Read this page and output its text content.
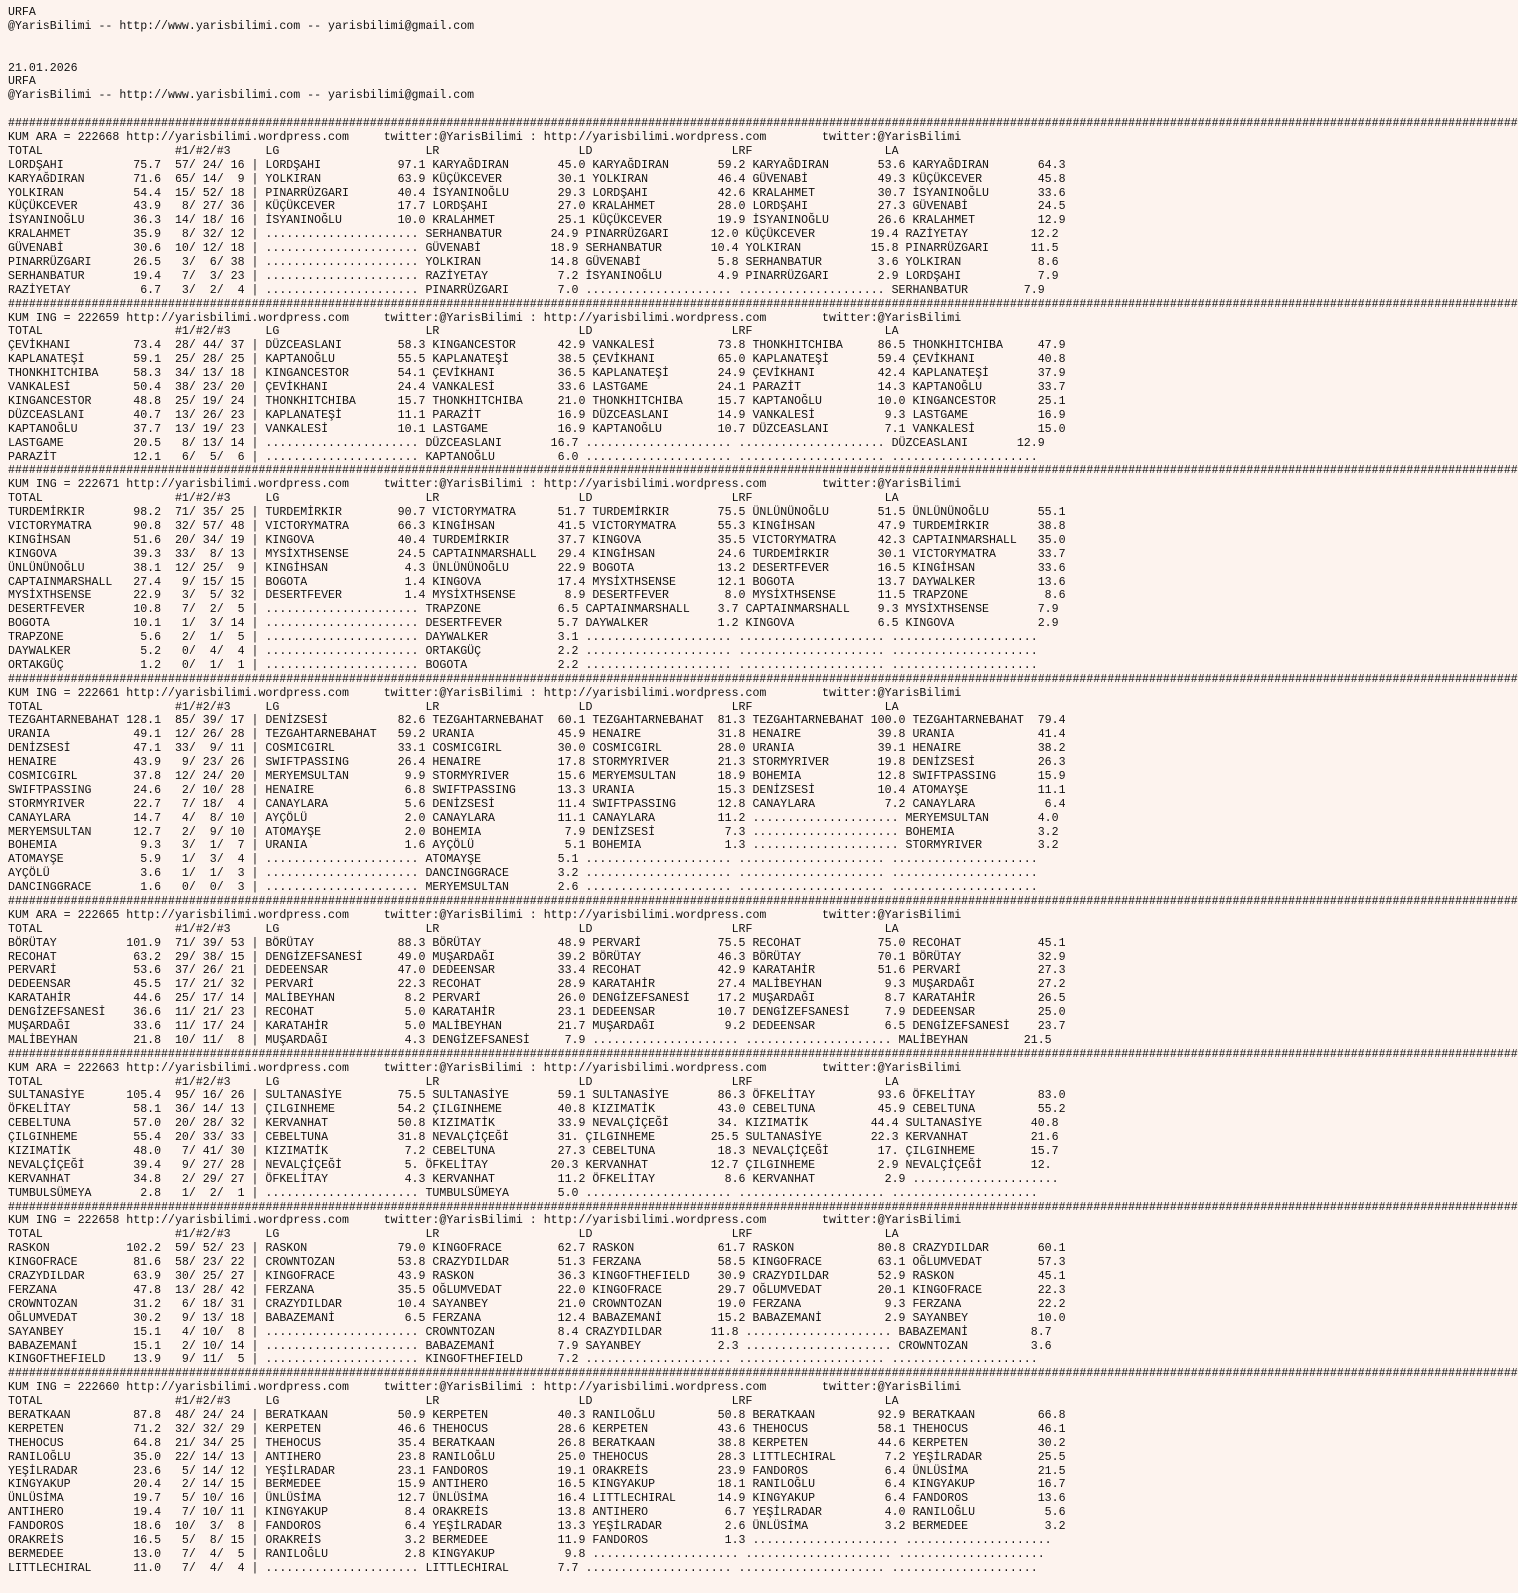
URFA
@YarisBilimi -- http://www.yarisbilimi.com -- yarisbilimi@gmail.com
21.01.2026
URFA
@YarisBilimi -- http://www.yarisbilimi.com -- yarisbilimi@gmail.com
#########################################################################################################################################################################################################################
KUM ARA = 222668 http://yarisbilimi.wordpress.com     twitter:@YarisBilimi : http://yarisbilimi.wordpress.com        twitter:@YarisBilimi
TOTAL                   #1/#2/#3     LG                     LR                    LD                    LRF                   LA
LORDŞAHI          75.7  57/ 24/ 16 | LORDŞAHI           97.1 KARYAĞDIRAN       45.0 KARYAĞDIRAN       59.2 KARYAĞDIRAN       53.6 KARYAĞDIRAN       64.3
KARYAĞDIRAN       71.6  65/ 14/  9 | YOLKIRAN           63.9 KÜÇÜKCEVER        30.1 YOLKIRAN          46.4 GÜVENABİ          49.3 KÜÇÜKCEVER        45.8
YOLKIRAN          54.4  15/ 52/ 18 | PINARRÜZGARI       40.4 İSYANINOĞLU       29.3 LORDŞAHI          42.6 KRALAHMET         30.7 İSYANINOĞLU       33.6
KÜÇÜKCEVER        43.9   8/ 27/ 36 | KÜÇÜKCEVER         17.7 LORDŞAHI          27.0 KRALAHMET         28.0 LORDŞAHI          27.3 GÜVENABİ          24.5
İSYANINOĞLU       36.3  14/ 18/ 16 | İSYANINOĞLU        10.0 KRALAHMET         25.1 KÜÇÜKCEVER        19.9 İSYANINOĞLU       26.6 KRALAHMET         12.9
KRALAHMET         35.9   8/ 32/ 12 | ...................... SERHANBATUR       24.9 PINARRÜZGARI      12.0 KÜÇÜKCEVER        19.4 RAZİYETAY         12.2
GÜVENABİ          30.6  10/ 12/ 18 | ...................... GÜVENABİ          18.9 SERHANBATUR       10.4 YOLKIRAN          15.8 PINARRÜZGARI      11.5
PINARRÜZGARI      26.5   3/  6/ 38 | ...................... YOLKIRAN          14.8 GÜVENABİ           5.8 SERHANBATUR        3.6 YOLKIRAN           8.6
SERHANBATUR       19.4   7/  3/ 23 | ...................... RAZİYETAY          7.2 İSYANINOĞLU        4.9 PINARRÜZGARI       2.9 LORDŞAHI           7.9
RAZİYETAY          6.7   3/  2/  4 | ...................... PINARRÜZGARI       7.0 ..................... ..................... SERHANBATUR        7.9
#########################################################################################################################################################################################################################
KUM ING = 222659 http://yarisbilimi.wordpress.com     twitter:@YarisBilimi : http://yarisbilimi.wordpress.com        twitter:@YarisBilimi
TOTAL                   #1/#2/#3     LG                     LR                    LD                    LRF                   LA
ÇEVİKHANI         73.4  28/ 44/ 37 | DÜZCEASLANI        58.3 KINGANCESTOR      42.9 VANKALESİ         73.8 THONKHITCHIBA     86.5 THONKHITCHIBA     47.9
KAPLANATEŞİ       59.1  25/ 28/ 25 | KAPTANOĞLU         55.5 KAPLANATEŞİ       38.5 ÇEVİKHANI         65.0 KAPLANATEŞİ       59.4 ÇEVİKHANI         40.8
THONKHITCHIBA     58.3  34/ 13/ 18 | KINGANCESTOR       54.1 ÇEVİKHANI         36.5 KAPLANATEŞİ       24.9 ÇEVİKHANI         42.4 KAPLANATEŞİ       37.9
VANKALESİ         50.4  38/ 23/ 20 | ÇEVİKHANI          24.4 VANKALESİ         33.6 LASTGAME          24.1 PARAZİT           14.3 KAPTANOĞLU        33.7
KINGANCESTOR      48.8  25/ 19/ 24 | THONKHITCHIBA      15.7 THONKHITCHIBA     21.0 THONKHITCHIBA     15.7 KAPTANOĞLU        10.0 KINGANCESTOR      25.1
DÜZCEASLANI       40.7  13/ 26/ 23 | KAPLANATEŞİ        11.1 PARAZİT           16.9 DÜZCEASLANI       14.9 VANKALESİ          9.3 LASTGAME          16.9
KAPTANOĞLU        37.7  13/ 19/ 23 | VANKALESİ          10.1 LASTGAME          16.9 KAPTANOĞLU        10.7 DÜZCEASLANI        7.1 VANKALESİ         15.0
LASTGAME          20.5   8/ 13/ 14 | ...................... DÜZCEASLANI       16.7 ..................... ..................... DÜZCEASLANI       12.9
PARAZİT           12.1   6/  5/  6 | ...................... KAPTANOĞLU         6.0 ..................... ..................... .....................
#########################################################################################################################################################################################################################
KUM ING = 222671 http://yarisbilimi.wordpress.com     twitter:@YarisBilimi : http://yarisbilimi.wordpress.com        twitter:@YarisBilimi
TOTAL                   #1/#2/#3     LG                     LR                    LD                    LRF                   LA
TURDEMİRKIR       98.2  71/ 35/ 25 | TURDEMİRKIR        90.7 VICTORYMATRA      51.7 TURDEMİRKIR       75.5 ÜNLÜNÜNOĞLU       51.5 ÜNLÜNÜNOĞLU       55.1
VICTORYMATRA      90.8  32/ 57/ 48 | VICTORYMATRA       66.3 KINGİHSAN         41.5 VICTORYMATRA      55.3 KINGİHSAN         47.9 TURDEMİRKIR       38.8
KINGİHSAN         51.6  20/ 34/ 19 | KINGOVA            40.4 TURDEMİRKIR       37.7 KINGOVA           35.5 VICTORYMATRA      42.3 CAPTAINMARSHALL   35.0
KINGOVA           39.3  33/  8/ 13 | MYSİXTHSENSE       24.5 CAPTAINMARSHALL   29.4 KINGİHSAN         24.6 TURDEMİRKIR       30.1 VICTORYMATRA      33.7
ÜNLÜNÜNOĞLU       38.1  12/ 25/  9 | KINGİHSAN           4.3 ÜNLÜNÜNOĞLU       22.9 BOGOTA            13.2 DESERTFEVER       16.5 KINGİHSAN         33.6
CAPTAINMARSHALL   27.4   9/ 15/ 15 | BOGOTA              1.4 KINGOVA           17.4 MYSİXTHSENSE      12.1 BOGOTA            13.7 DAYWALKER         13.6
MYSİXTHSENSE      22.9   3/  5/ 32 | DESERTFEVER         1.4 MYSİXTHSENSE       8.9 DESERTFEVER        8.0 MYSİXTHSENSE      11.5 TRAPZONE           8.6
DESERTFEVER       10.8   7/  2/  5 | ...................... TRAPZONE           6.5 CAPTAINMARSHALL    3.7 CAPTAINMARSHALL    9.3 MYSİXTHSENSE       7.9
BOGOTA            10.1   1/  3/ 14 | ...................... DESERTFEVER        5.7 DAYWALKER          1.2 KINGOVA            6.5 KINGOVA            2.9
TRAPZONE           5.6   2/  1/  5 | ...................... DAYWALKER          3.1 ..................... ..................... .....................
DAYWALKER          5.2   0/  4/  4 | ...................... ORTAKGÜÇ           2.2 ..................... ..................... .....................
ORTAKGÜÇ           1.2   0/  1/  1 | ...................... BOGOTA             2.2 ..................... ..................... .....................
#########################################################################################################################################################################################################################
KUM ING = 222661 http://yarisbilimi.wordpress.com     twitter:@YarisBilimi : http://yarisbilimi.wordpress.com        twitter:@YarisBilimi
TOTAL                   #1/#2/#3     LG                     LR                    LD                    LRF                   LA
TEZGAHTARNEBAHAT 128.1  85/ 39/ 17 | DENİZSESİ          82.6 TEZGAHTARNEBAHAT  60.1 TEZGAHTARNEBAHAT  81.3 TEZGAHTARNEBAHAT 100.0 TEZGAHTARNEBAHAT  79.4
URANIA            49.1  12/ 26/ 28 | TEZGAHTARNEBAHAT   59.2 URANIA            45.9 HENAIRE           31.8 HENAIRE           39.8 URANIA            41.4
DENİZSESİ         47.1  33/  9/ 11 | COSMICGIRL         33.1 COSMICGIRL        30.0 COSMICGIRL        28.0 URANIA            39.1 HENAIRE           38.2
HENAIRE           43.9   9/ 23/ 26 | SWIFTPASSING       26.4 HENAIRE           17.8 STORMYRIVER       21.3 STORMYRIVER       19.8 DENİZSESİ         26.3
COSMICGIRL        37.8  12/ 24/ 20 | MERYEMSULTAN        9.9 STORMYRIVER       15.6 MERYEMSULTAN      18.9 BOHEMIA           12.8 SWIFTPASSING      15.9
SWIFTPASSING      24.6   2/ 10/ 28 | HENAIRE             6.8 SWIFTPASSING      13.3 URANIA            15.3 DENİZSESİ         10.4 ATOMAYŞE          11.1
STORMYRIVER       22.7   7/ 18/  4 | CANAYLARA           5.6 DENİZSESİ         11.4 SWIFTPASSING      12.8 CANAYLARA          7.2 CANAYLARA          6.4
CANAYLARA         14.7   4/  8/ 10 | AYÇÖLÜ              2.0 CANAYLARA         11.1 CANAYLARA         11.2 ..................... MERYEMSULTAN       4.0
MERYEMSULTAN      12.7   2/  9/ 10 | ATOMAYŞE            2.0 BOHEMIA            7.9 DENİZSESİ          7.3 ..................... BOHEMIA            3.2
BOHEMIA            9.3   3/  1/  7 | URANIA              1.6 AYÇÖLÜ             5.1 BOHEMIA            1.3 ..................... STORMYRIVER        3.2
ATOMAYŞE           5.9   1/  3/  4 | ...................... ATOMAYŞE           5.1 ..................... ..................... .....................
AYÇÖLÜ             3.6   1/  1/  3 | ...................... DANCINGGRACE       3.2 ..................... ..................... .....................
DANCINGGRACE       1.6   0/  0/  3 | ...................... MERYEMSULTAN       2.6 ..................... ..................... .....................
#########################################################################################################################################################################################################################
KUM ARA = 222665 http://yarisbilimi.wordpress.com     twitter:@YarisBilimi : http://yarisbilimi.wordpress.com        twitter:@YarisBilimi
TOTAL                   #1/#2/#3     LG                     LR                    LD                    LRF                   LA
BÖRÜTAY          101.9  71/ 39/ 53 | BÖRÜTAY            88.3 BÖRÜTAY           48.9 PERVARİ           75.5 RECOHAT           75.0 RECOHAT           45.1
RECOHAT           63.2  29/ 38/ 15 | DENGİZEFSANESİ     49.0 MUŞARDAĞI         39.2 BÖRÜTAY           46.3 BÖRÜTAY           70.1 BÖRÜTAY           32.9
PERVARİ           53.6  37/ 26/ 21 | DEDEENSAR          47.0 DEDEENSAR         33.4 RECOHAT           42.9 KARATAHİR         51.6 PERVARİ           27.3
DEDEENSAR         45.5  17/ 21/ 32 | PERVARİ            22.3 RECOHAT           28.9 KARATAHİR         27.4 MALİBEYHAN         9.3 MUŞARDAĞI         27.2
KARATAHİR         44.6  25/ 17/ 14 | MALİBEYHAN          8.2 PERVARİ           26.0 DENGİZEFSANESİ    17.2 MUŞARDAĞI          8.7 KARATAHİR         26.5
DENGİZEFSANESİ    36.6  11/ 21/ 23 | RECOHAT             5.0 KARATAHİR         23.1 DEDEENSAR         10.7 DENGİZEFSANESİ     7.9 DEDEENSAR         25.0
MUŞARDAĞI         33.6  11/ 17/ 24 | KARATAHİR           5.0 MALİBEYHAN        21.7 MUŞARDAĞI          9.2 DEDEENSAR          6.5 DENGİZEFSANESİ    23.7
MALİBEYHAN        21.8  10/ 11/  8 | MUŞARDAĞI           4.3 DENGİZEFSANESİ     7.9 ..................... ..................... MALİBEYHAN        21.5
#########################################################################################################################################################################################################################
KUM ARA = 222663 http://yarisbilimi.wordpress.com     twitter:@YarisBilimi : http://yarisbilimi.wordpress.com        twitter:@YarisBilimi
TOTAL                   #1/#2/#3     LG                     LR                    LD                    LRF                   LA
SULTANASİYE      105.4  95/ 16/ 26 | SULTANASİYE        75.5 SULTANASİYE       59.1 SULTANASİYE       86.3 ÖFKELİTAY         93.6 ÖFKELİTAY         83.0
ÖFKELİTAY         58.1  36/ 14/ 13 | ÇILGINHEME         54.2 ÇILGINHEME        40.8 KIZIMATİK         43.0 CEBELTUNA         45.9 CEBELTUNA         55.2
CEBELTUNA         57.0  20/ 28/ 32 | KERVANHAT          50.8 KIZIMATİK         33.9 NEVALÇİÇEĞİ       34. KIZIMATİK         44.4 SULTANASİYE       40.8
ÇILGINHEME        55.4  20/ 33/ 33 | CEBELTUNA          31.8 NEVALÇİÇEĞİ       31. ÇILGINHEME        25.5 SULTANASİYE       22.3 KERVANHAT         21.6
KIZIMATİK         48.0   7/ 41/ 30 | KIZIMATİK           7.2 CEBELTUNA         27.3 CEBELTUNA         18.3 NEVALÇİÇEĞİ       17. ÇILGINHEME        15.7
NEVALÇİÇEĞİ       39.4   9/ 27/ 28 | NEVALÇİÇEĞİ         5. ÖFKELİTAY         20.3 KERVANHAT         12.7 ÇILGINHEME         2.9 NEVALÇİÇEĞİ       12.
KERVANHAT         34.8   2/ 29/ 27 | ÖFKELİTAY           4.3 KERVANHAT         11.2 ÖFKELİTAY          8.6 KERVANHAT          2.9 .....................
TUMBULSÜMEYA       2.8   1/  2/  1 | ...................... TUMBULSÜMEYA       5.0 ..................... ..................... .....................
#########################################################################################################################################################################################################################
KUM ING = 222658 http://yarisbilimi.wordpress.com     twitter:@YarisBilimi : http://yarisbilimi.wordpress.com        twitter:@YarisBilimi
TOTAL                   #1/#2/#3     LG                     LR                    LD                    LRF                   LA
RASKON           102.2  59/ 52/ 23 | RASKON             79.0 KINGOFRACE        62.7 RASKON            61.7 RASKON            80.8 CRAZYDILDAR       60.1
KINGOFRACE        81.6  58/ 23/ 22 | CROWNTOZAN         53.8 CRAZYDILDAR       51.3 FERZANA           58.5 KINGOFRACE        63.1 OĞLUMVEDAT        57.3
CRAZYDILDAR       63.9  30/ 25/ 27 | KINGOFRACE         43.9 RASKON            36.3 KINGOFTHEFIELD    30.9 CRAZYDILDAR       52.9 RASKON            45.1
FERZANA           47.8  13/ 28/ 42 | FERZANA            35.5 OĞLUMVEDAT        22.0 KINGOFRACE        29.7 OĞLUMVEDAT        20.1 KINGOFRACE        22.3
CROWNTOZAN        31.2   6/ 18/ 31 | CRAZYDILDAR        10.4 SAYANBEY          21.0 CROWNTOZAN        19.0 FERZANA            9.3 FERZANA           22.2
OĞLUMVEDAT        30.2   9/ 13/ 18 | BABAZEMANİ          6.5 FERZANA           12.4 BABAZEMANİ        15.2 BABAZEMANİ         2.9 SAYANBEY          10.0
SAYANBEY          15.1   4/ 10/  8 | ...................... CROWNTOZAN         8.4 CRAZYDILDAR       11.8 ..................... BABAZEMANİ         8.7
BABAZEMANİ        15.1   2/ 10/ 14 | ...................... BABAZEMANİ         7.9 SAYANBEY           2.3 ..................... CROWNTOZAN         3.6
KINGOFTHEFIELD    13.9   9/ 11/  5 | ...................... KINGOFTHEFIELD     7.2 ..................... ..................... .....................
#########################################################################################################################################################################################################################
KUM ING = 222660 http://yarisbilimi.wordpress.com     twitter:@YarisBilimi : http://yarisbilimi.wordpress.com        twitter:@YarisBilimi
TOTAL                   #1/#2/#3     LG                     LR                    LD                    LRF                   LA
BERATKAAN         87.8  48/ 24/ 24 | BERATKAAN          50.9 KERPETEN          40.3 RANILOĞLU         50.8 BERATKAAN         92.9 BERATKAAN         66.8
KERPETEN          71.2  32/ 32/ 29 | KERPETEN           46.6 THEHOCUS          28.6 KERPETEN          43.6 THEHOCUS          58.1 THEHOCUS          46.1
THEHOCUS          64.8  21/ 34/ 25 | THEHOCUS           35.4 BERATKAAN         26.8 BERATKAAN         38.8 KERPETEN          44.6 KERPETEN          30.2
RANILOĞLU         35.0  22/ 14/ 13 | ANTIHERO           23.8 RANILOĞLU         25.0 THEHOCUS          28.3 LITTLECHIRAL       7.2 YEŞİLRADAR        25.5
YEŞİLRADAR        23.6   5/ 14/ 12 | YEŞİLRADAR         23.1 FANDOROS          19.1 ORAKREİS          23.9 FANDOROS           6.4 ÜNLÜSİMA          21.5
KINGYAKUP         20.4   2/ 14/ 15 | BERMEDEE           15.9 ANTIHERO          16.5 KINGYAKUP         18.1 RANILOĞLU          6.4 KINGYAKUP         16.7
ÜNLÜSİMA          19.7   5/ 10/ 16 | ÜNLÜSİMA           12.7 ÜNLÜSİMA          16.4 LITTLECHIRAL      14.9 KINGYAKUP          6.4 FANDOROS          13.6
ANTIHERO          19.4   7/ 10/ 11 | KINGYAKUP           8.4 ORAKREİS          13.8 ANTIHERO           6.7 YEŞİLRADAR         4.0 RANILOĞLU          5.6
FANDOROS          18.6  10/  3/  8 | FANDOROS            6.4 YEŞİLRADAR        13.3 YEŞİLRADAR         2.6 ÜNLÜSİMA           3.2 BERMEDEE           3.2
ORAKREİS          16.5   5/  8/ 15 | ORAKREİS            3.2 BERMEDEE          11.9 FANDOROS           1.3 ..................... .....................
BERMEDEE          13.0   7/  4/  5 | RANILOĞLU           2.8 KINGYAKUP          9.8 ..................... ..................... .....................
LITTLECHIRAL      11.0   7/  4/  4 | ...................... LITTLECHIRAL       7.7 ..................... ..................... .....................
